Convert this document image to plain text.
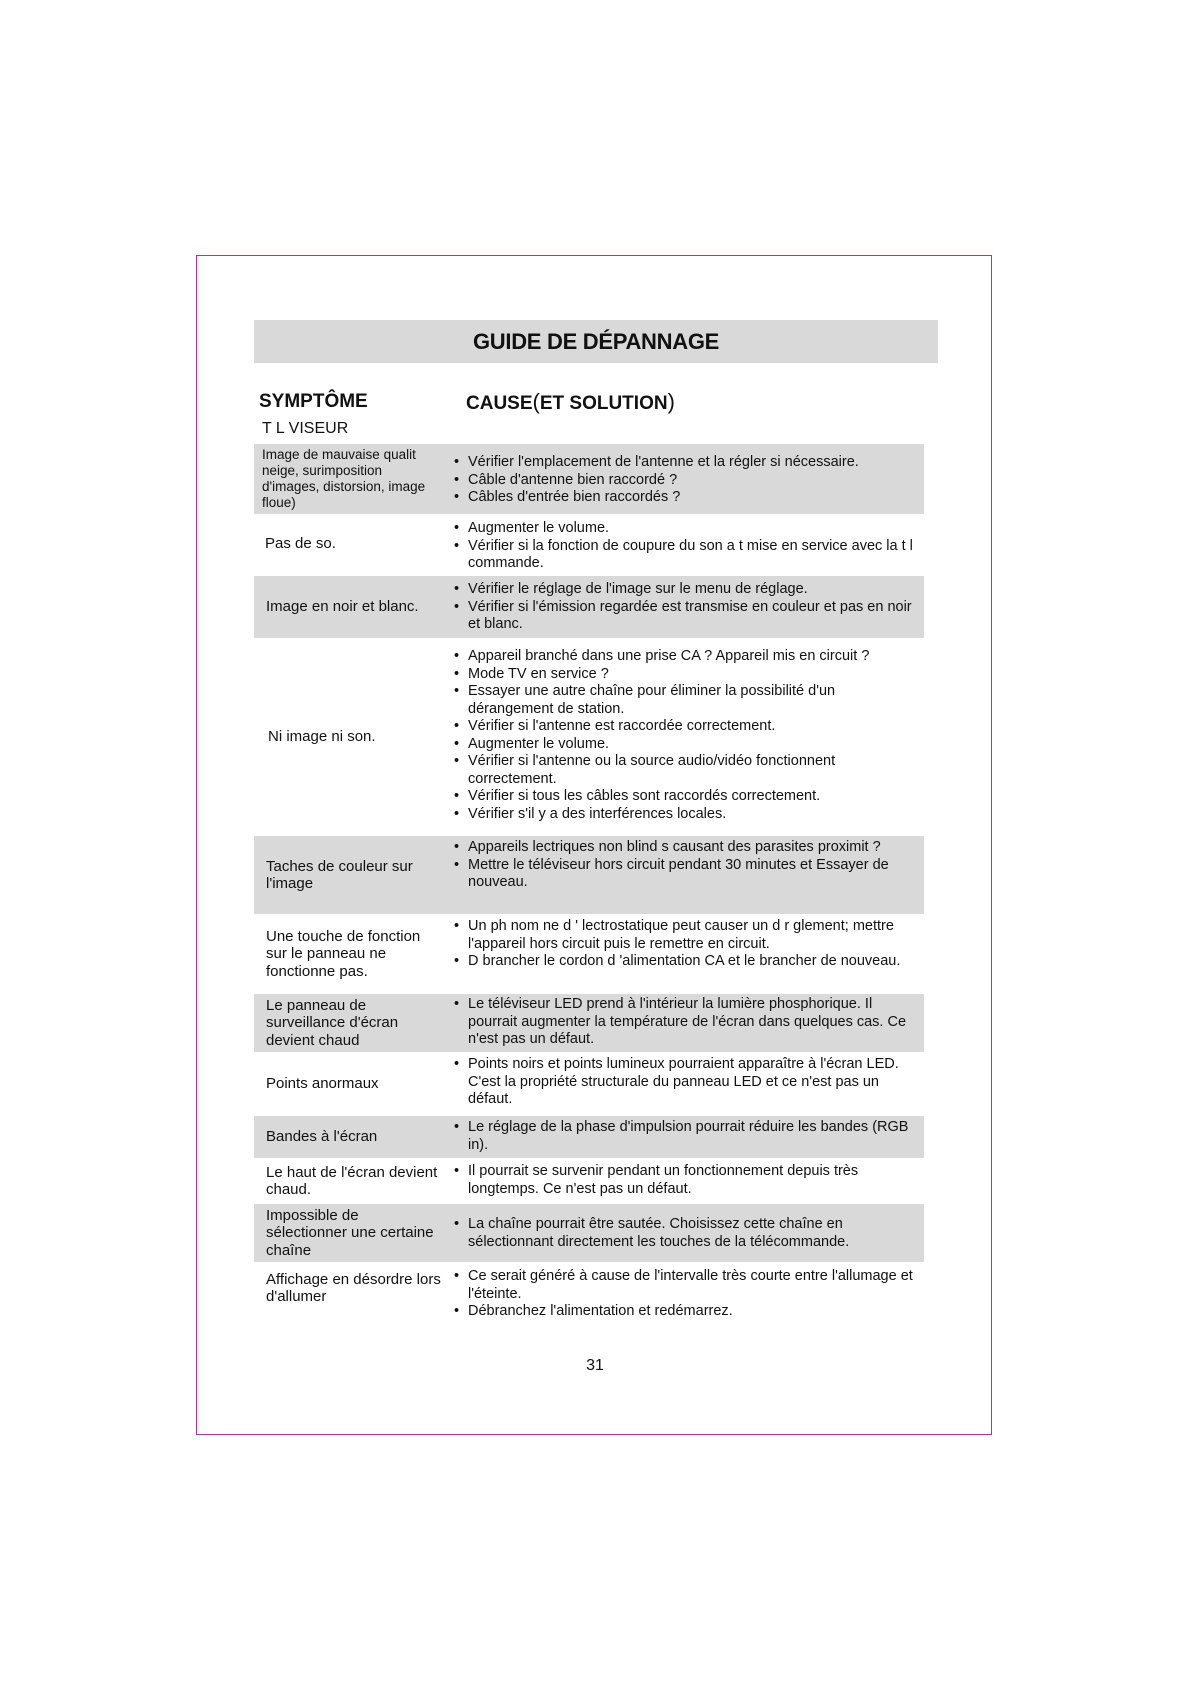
GUIDE DE DÉPANNAGE
SYMPTÔME	CAUSE(ET SOLUTION)
T L VISEUR
Image de mauvaise qualit neige, surimposition d'images, distorsion, image floue)
• Vérifier l'emplacement de l'antenne et la régler si nécessaire.
• Câble d'antenne bien raccordé ?
• Câbles d'entrée bien raccordés ?
Pas de so.
• Augmenter le volume.
• Vérifier si la fonction de coupure du son a t mise en service avec la t l commande.
Image en noir et blanc.
• Vérifier le réglage de l'image sur le menu de réglage.
• Vérifier si l'émission regardée est transmise en couleur et pas en noir et blanc.
Ni image ni son.
• Appareil branché dans une prise CA ? Appareil mis en circuit ?
• Mode TV en service ?
• Essayer une autre chaîne pour éliminer la possibilité d'un dérangement de station.
• Vérifier si l'antenne est raccordée correctement.
• Augmenter le volume.
• Vérifier si l'antenne ou la source audio/vidéo fonctionnent correctement.
• Vérifier si tous les câbles sont raccordés correctement.
• Vérifier s'il y a des interférences locales.
Taches de couleur sur l'image
• Appareils lectriques non blind s causant des parasites proximit ?
• Mettre le téléviseur hors circuit pendant 30 minutes et Essayer de nouveau.
Une touche de fonction sur le panneau ne fonctionne pas.
• Un ph nom ne d ' lectrostatique peut causer un d r glement; mettre l'appareil hors circuit puis le remettre en circuit.
• D brancher le cordon d 'alimentation CA et le brancher de nouveau.
Le panneau de surveillance d'écran devient chaud
• Le téléviseur LED prend à l'intérieur la lumière phosphorique. Il pourrait augmenter la température de l'écran dans quelques cas. Ce n'est pas un défaut.
Points anormaux
• Points noirs et points lumineux pourraient apparaître à l'écran LED. C'est la propriété structurale du panneau LED et ce n'est pas un défaut.
Bandes à l'écran
• Le réglage de la phase d'impulsion pourrait réduire les bandes (RGB in).
Le haut de l'écran devient chaud.
• Il pourrait se survenir pendant un fonctionnement depuis très longtemps. Ce n'est pas un défaut.
Impossible de sélectionner une certaine chaîne
• La chaîne pourrait être sautée. Choisissez cette chaîne en sélectionnant directement les touches de la télécommande.
Affichage en désordre lors d'allumer
• Ce serait généré à cause de l'intervalle très courte entre l'allumage et l'éteinte.
• Débranchez l'alimentation et redémarrez.
31
